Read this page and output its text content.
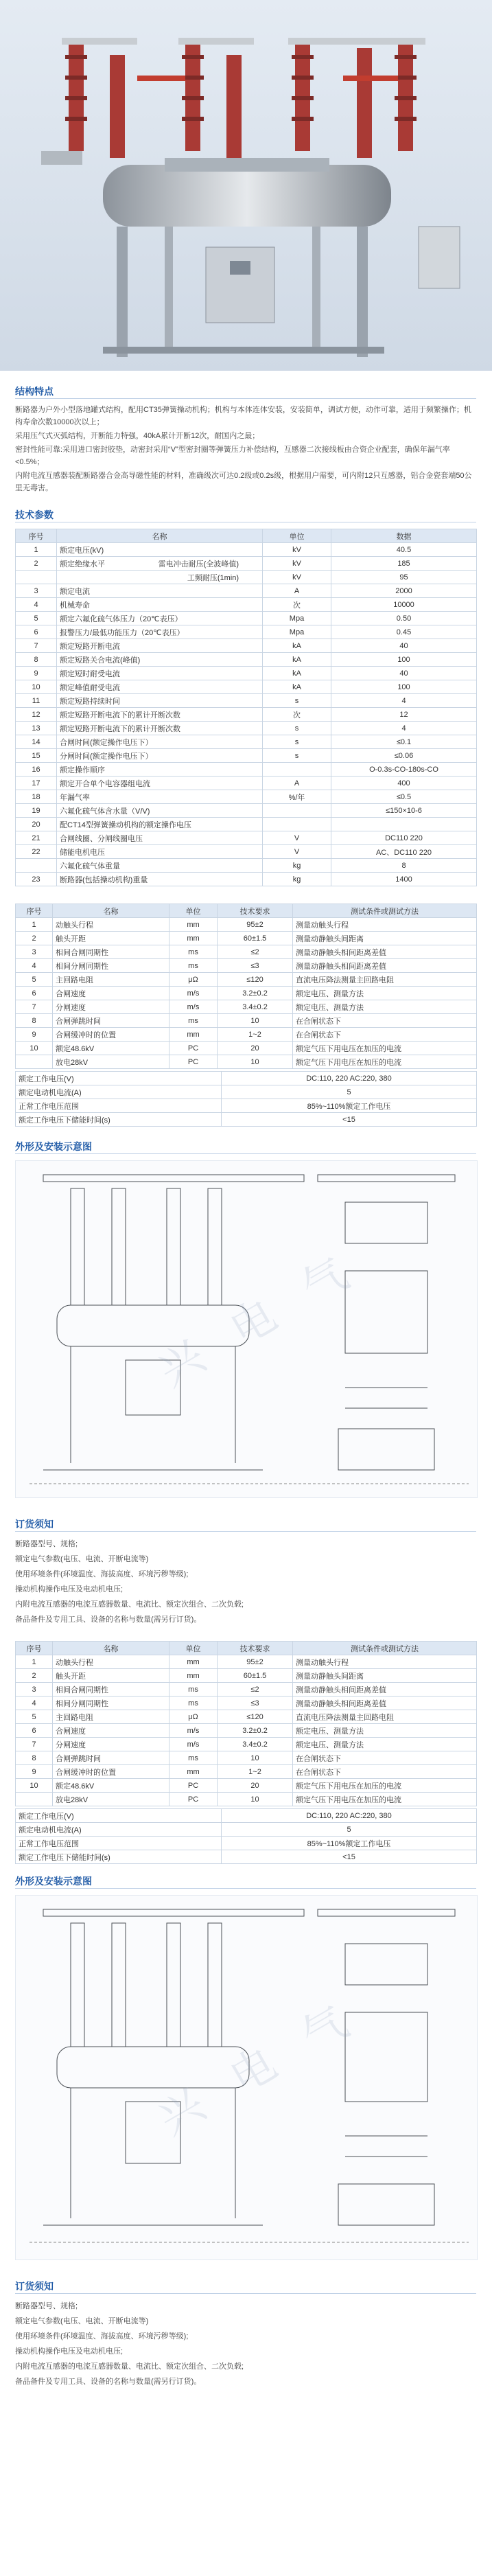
结构特点
断路器为户外小型落地罐式结构，配用CT35弹簧操动机构；机构与本体连体安装，安装简单，调试方便，动作可靠，适用于频繁操作；机构寿命次数10000次以上；
采用压气式灭弧结构，开断能力特强，40kA累计开断12次，耐国内之最；
密封性能可靠:采用进口密封胶垫，动密封采用“V”型密封圈等弹簧压力补偿结构，互感器二次接线板由合资企业配套，确保年漏气率<0.5%；
内附电流互感器装配断路器合金高导磁性能的材料，准确级次可达0.2级或0.2s级，根据用户需要，可内附12只互感器，铝合金瓷套端50公里无毒害。
技术参数
序号	名称	单位	数据
1	额定电压(kV)	kV	40.5
2	额定绝缘水平 雷电冲击耐压(全波峰值)	kV	185

	工频耐压(1min)	kV	95
3	额定电流	A	2000
4	机械寿命	次	10000
5	额定六氟化硫气体压力（20℃表压）	Mpa	0.50
6	报警压力/最低功能压力（20℃表压）	Mpa	0.45
7	额定短路开断电流	kA	40
8	额定短路关合电流(峰值)	kA	100
9	额定短时耐受电流	kA	40
10	额定峰值耐受电流	kA	100
11	额定短路持续时间	s	4
12	额定短路开断电流下的累计开断次数	次	12
13	额定短路开断电流下的累计开断次数	s	4
14	合闸时间(额定操作电压下）	s	≤0.1
15	分闸时间(额定操作电压下）	s	≤0.06
16	额定操作顺序		O-0.3s-CO-180s-CO
17	额定开合单个电容器组电流	A	400
18	年漏气率	%/年	≤0.5
19	六氟化硫气体含水量（V/V)		≤150×10-6
20	配CT14型弹簧操动机构的额定操作电压		
21	合闸线圈、分闸线圈电压	V	DC110 220
22	储能电机电压	V	AC、DC110 220
	六氟化硫气体重量	kg	8
23	断路器(包括操动机构)重量	kg	1400
序号	名称	单位	技术要求	测试条件或测试方法
1	动触头行程	mm	95±2	测量动触头行程
2	触头开距	mm	60±1.5	测量动静触头间距离
3	相间合闸同期性	ms	≤2	测量动静触头相间距离差值
4	相间分闸同期性	ms	≤3	测量动静触头相间距离差值
5	主回路电阻	μΩ	≤120	直流电压降法测量主回路电阻
6	合闸速度	m/s	3.2±0.2	额定电压、测量方法
7	分闸速度	m/s	3.4±0.2	额定电压、测量方法
8	合闸弹跳时间	ms	10	在合闸状态下
9	合闸缓冲时的位置	mm	1~2	在合闸状态下
10	额定48.6kV	PC	20	额定气压下用电压在加压的电流
	放电28kV	PC	10	额定气压下用电压在加压的电流
额定工作电压(V)	DC:110, 220 AC:220, 380
额定电动机电流(A)	5
正常工作电压范围	85%~110%额定工作电压
额定工作电压下储能时间(s)	<15
外形及安装示意图
兴 电 气
订货须知
断路器型号、规格;
额定电气参数(电压、电流、开断电流等)
使用环境条件(环境温度、海拔高度、环境污秽等级);
操动机构操作电压及电动机电压;
内附电流互感器的电流互感器数量、电流比、额定次组合、二次负载;
备品备件及专用工具、设备的名称与数量(需另行订货)。
序号	名称	单位	技术要求	测试条件或测试方法
1	动触头行程	mm	95±2	测量动触头行程
2	触头开距	mm	60±1.5	测量动静触头间距离
3	相间合闸同期性	ms	≤2	测量动静触头相间距离差值
4	相间分闸同期性	ms	≤3	测量动静触头相间距离差值
5	主回路电阻	μΩ	≤120	直流电压降法测量主回路电阻
6	合闸速度	m/s	3.2±0.2	额定电压、测量方法
7	分闸速度	m/s	3.4±0.2	额定电压、测量方法
8	合闸弹跳时间	ms	10	在合闸状态下
9	合闸缓冲时的位置	mm	1~2	在合闸状态下
10	额定48.6kV	PC	20	额定气压下用电压在加压的电流
	放电28kV	PC	10	额定气压下用电压在加压的电流
额定工作电压(V)	DC:110, 220 AC:220, 380
额定电动机电流(A)	5
正常工作电压范围	85%~110%额定工作电压
额定工作电压下储能时间(s)	<15
外形及安装示意图
兴 电 气
订货须知
断路器型号、规格;
额定电气参数(电压、电流、开断电流等)
使用环境条件(环境温度、海拔高度、环境污秽等级);
操动机构操作电压及电动机电压;
内附电流互感器的电流互感器数量、电流比、额定次组合、二次负载;
备品备件及专用工具、设备的名称与数量(需另行订货)。
